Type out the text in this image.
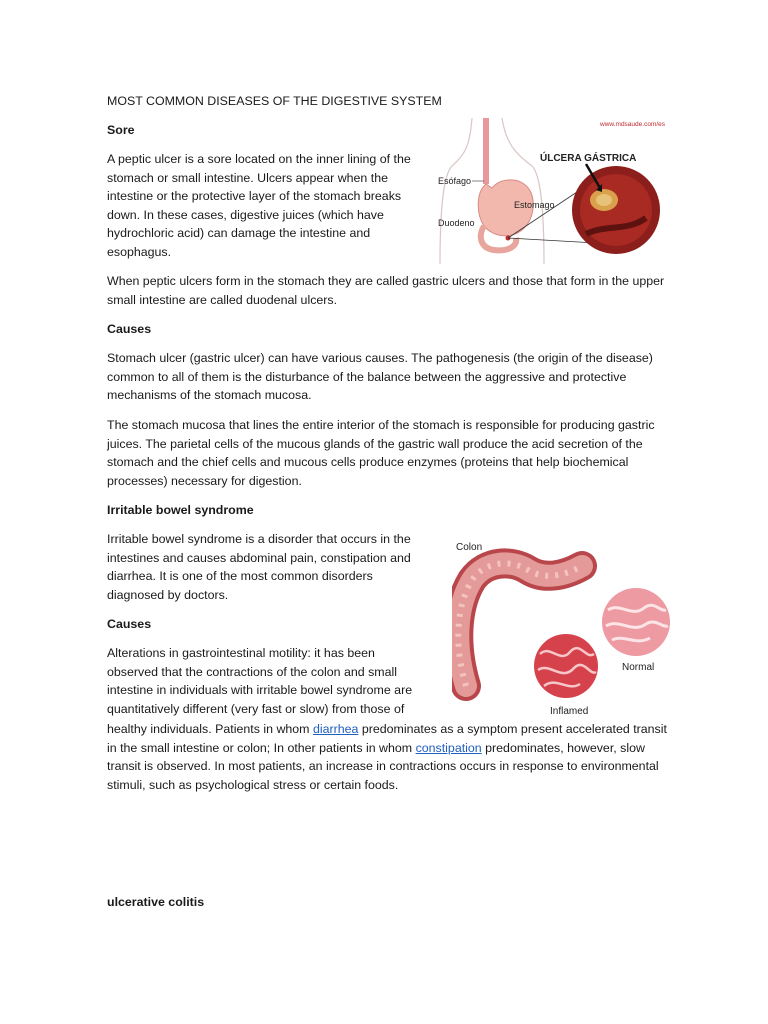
MOST COMMON DISEASES OF THE DIGESTIVE SYSTEM

Sore

A peptic ulcer is a sore located on the inner lining of the stomach or small intestine. Ulcers appear when the intestine or the protective layer of the stomach breaks down. In these cases, digestive juices (which have hydrochloric acid) can damage the intestine and esophagus.

When peptic ulcers form in the stomach they are called gastric ulcers and those that form in the upper small intestine are called duodenal ulcers.

Causes

Stomach ulcer (gastric ulcer) can have various causes. The pathogenesis (the origin of the disease) common to all of them is the disturbance of the balance between the aggressive and protective mechanisms of the stomach mucosa.

The stomach mucosa that lines the entire interior of the stomach is responsible for producing gastric juices. The parietal cells of the mucous glands of the gastric wall produce the acid secretion of the stomach and the chief cells and mucous cells produce enzymes (proteins that help biochemical processes) necessary for digestion.

Irritable bowel syndrome

Irritable bowel syndrome is a disorder that occurs in the intestines and causes abdominal pain, constipation and diarrhea. It is one of the most common disorders diagnosed by doctors.

Causes

Alterations in gastrointestinal motility: it has been observed that the contractions of the colon and small intestine in individuals with irritable bowel syndrome are quantitatively different (very fast or slow) from those of

healthy individuals. Patients in whom diarrhea predominates as a symptom present accelerated transit in the small intestine or colon; In other patients in whom constipation predominates, however, slow transit is observed. In most patients, an increase in contractions occurs in response to environmental stimuli, such as psychological stress or certain foods.

ulcerative colitis

www.mdsaude.com/es
ÚLCERA GÁSTRICA
Esófago
Estomago
Duodeno
Colon
Normal
Inflamed
